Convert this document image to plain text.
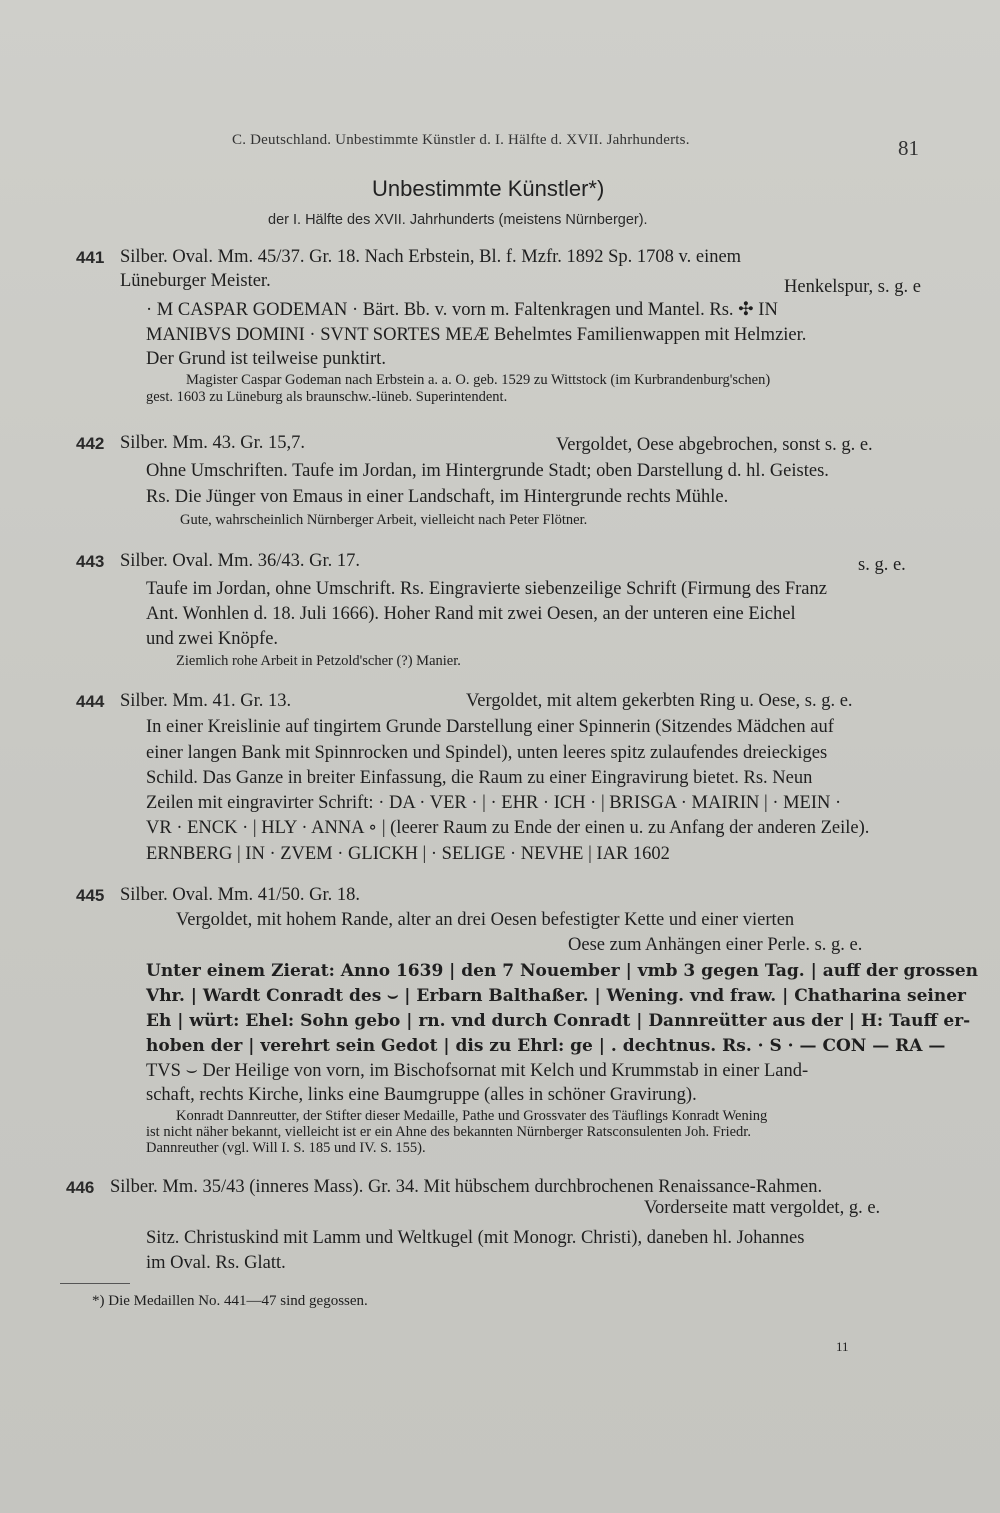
C. Deutschland. Unbestimmte Künstler d. I. Hälfte d. XVII. Jahrhunderts.	81
Unbestimmte Künstler*)
der I. Hälfte des XVII. Jahrhunderts (meistens Nürnberger).
441 Silber. Oval. Mm. 45/37. Gr. 18. Nach Erbstein, Bl. f. Mzfr. 1892 Sp. 1708 v. einem
Lüneburger Meister.	Henkelspur, s. g. e
· M CASPAR GODEMAN · Bärt. Bb. v. vorn m. Faltenkragen und Mantel. Rs. ✣ IN
MANIBVS DOMINI · SVNT SORTES MEÆ Behelmtes Familienwappen mit Helmzier.
Der Grund ist teilweise punktirt.
Magister Caspar Godeman nach Erbstein a. a. O. geb. 1529 zu Wittstock (im Kurbrandenburg'schen)
gest. 1603 zu Lüneburg als braunschw.-lüneb. Superintendent.
442 Silber. Mm. 43. Gr. 15,7.	Vergoldet, Oese abgebrochen, sonst s. g. e.
Ohne Umschriften. Taufe im Jordan, im Hintergrunde Stadt; oben Darstellung d. hl. Geistes.
Rs. Die Jünger von Emaus in einer Landschaft, im Hintergrunde rechts Mühle.
Gute, wahrscheinlich Nürnberger Arbeit, vielleicht nach Peter Flötner.
443 Silber. Oval. Mm. 36/43. Gr. 17.	s. g. e.
Taufe im Jordan, ohne Umschrift. Rs. Eingravierte siebenzeilige Schrift (Firmung des Franz
Ant. Wonhlen d. 18. Juli 1666). Hoher Rand mit zwei Oesen, an der unteren eine Eichel
und zwei Knöpfe.
Ziemlich rohe Arbeit in Petzold'scher (?) Manier.
444 Silber. Mm. 41. Gr. 13.	Vergoldet, mit altem gekerbten Ring u. Oese, s. g. e.
In einer Kreislinie auf tingirtem Grunde Darstellung einer Spinnerin (Sitzendes Mädchen auf
einer langen Bank mit Spinnrocken und Spindel), unten leeres spitz zulaufendes dreieckiges
Schild. Das Ganze in breiter Einfassung, die Raum zu einer Eingravirung bietet. Rs. Neun
Zeilen mit eingravirter Schrift: · DA · VER · | · EHR · ICH · | BRISGA · MAIRIN | · MEIN ·
VR · ENCK · | HLY · ANNA ∘ | (leerer Raum zu Ende der einen u. zu Anfang der anderen Zeile).
ERNBERG | IN · ZVEM · GLICKH | · SELIGE · NEVHE | IAR 1602
445 Silber. Oval. Mm. 41/50. Gr. 18.
Vergoldet, mit hohem Rande, alter an drei Oesen befestigter Kette und einer vierten
Oese zum Anhängen einer Perle. s. g. e.
Unter einem Zierat: Anno 1639 | den 7 Nouember | vmb 3 gegen Tag. | auff der grossen
Vhr. | Wardt Conradt des ⌣ | Erbarn Balthaßer. | Wening. vnd fraw. | Chatharina seiner
Eh | würt: Ehel: Sohn gebo | rn. vnd durch Conradt | Dannreütter aus der | H: Tauff er-
hoben der | verehrt sein Gedot | dis zu Ehrl: ge | . dechtnus. Rs. · S · — CON — RA —
TVS ⌣ Der Heilige von vorn, im Bischofsornat mit Kelch und Krummstab in einer Land-
schaft, rechts Kirche, links eine Baumgruppe (alles in schöner Gravirung).
Konradt Dannreutter, der Stifter dieser Medaille, Pathe und Grossvater des Täuflings Konradt Wening
ist nicht näher bekannt, vielleicht ist er ein Ahne des bekannten Nürnberger Ratsconsulenten Joh. Friedr.
Dannreuther (vgl. Will I. S. 185 und IV. S. 155).
446 Silber. Mm. 35/43 (inneres Mass). Gr. 34. Mit hübschem durchbrochenen Renaissance-Rahmen.
Vorderseite matt vergoldet, g. e.
Sitz. Christuskind mit Lamm und Weltkugel (mit Monogr. Christi), daneben hl. Johannes
im Oval. Rs. Glatt.
*) Die Medaillen No. 441—47 sind gegossen.
11
